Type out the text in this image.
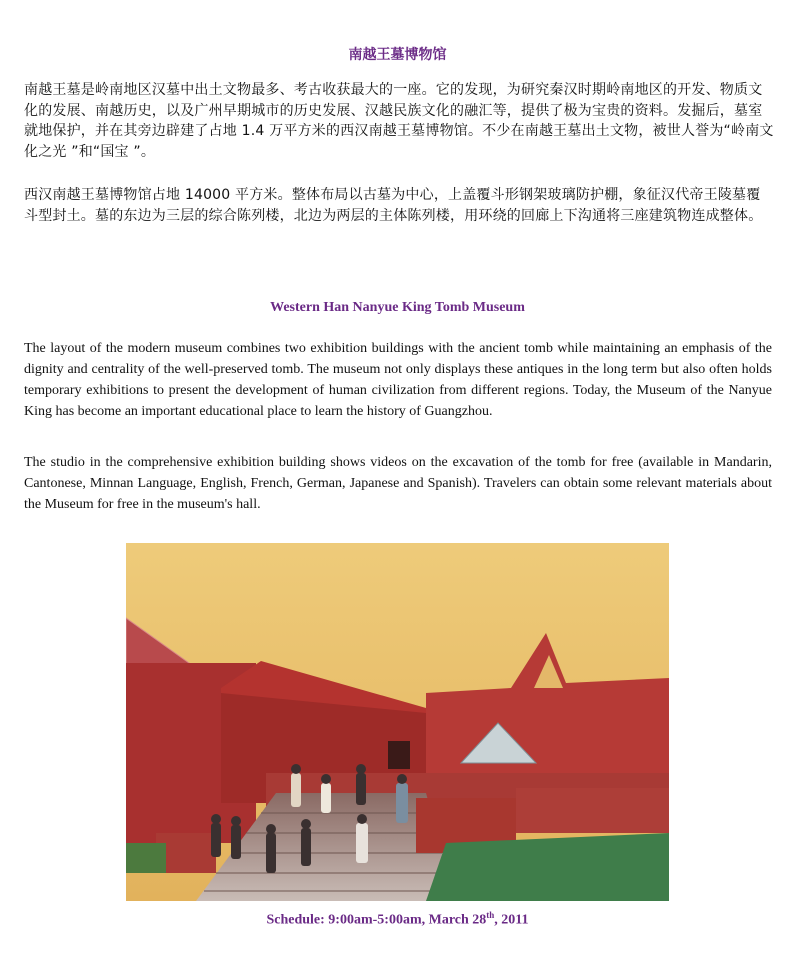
南越王墓博物馆

南越王墓是岭南地区汉墓中出土文物最多、考古收获最大的一座。它的发现，为研究秦汉时期岭南地区的开发、物质文化的发展、南越历史，以及广州早期城市的历史发展、汉越民族文化的融汇等，提供了极为宝贵的资料。发掘后，墓室就地保护，并在其旁边辟建了占地 1.4 万平方米的西汉南越王墓博物馆。不少在南越王墓出土文物，被世人誉为“岭南文化之光 ”和“国宝 ”。

西汉南越王墓博物馆占地 14000 平方米。整体布局以古墓为中心，上盖覆斗形钢架玻璃防护棚，象征汉代帝王陵墓覆斗型封土。墓的东边为三层的综合陈列楼，北边为两层的主体陈列楼，用环绕的回廊上下沟通将三座建筑物连成整体。

Western Han Nanyue King Tomb Museum

The layout of the modern museum combines two exhibition buildings with the ancient tomb while maintaining an emphasis of the dignity and centrality of the well-preserved tomb. The museum not only displays these antiques in the long term but also often holds temporary exhibitions to present the development of human civilization from different regions. Today, the Museum of the Nanyue King has become an important educational place to learn the history of Guangzhou.

The studio in the comprehensive exhibition building shows videos on the excavation of the tomb for free (available in Mandarin, Cantonese, Minnan Language, English, French, German, Japanese and Spanish). Travelers can obtain some relevant materials about the Museum for free in the museum's hall.

Schedule: 9:00am-5:00am, March 28th, 2011
